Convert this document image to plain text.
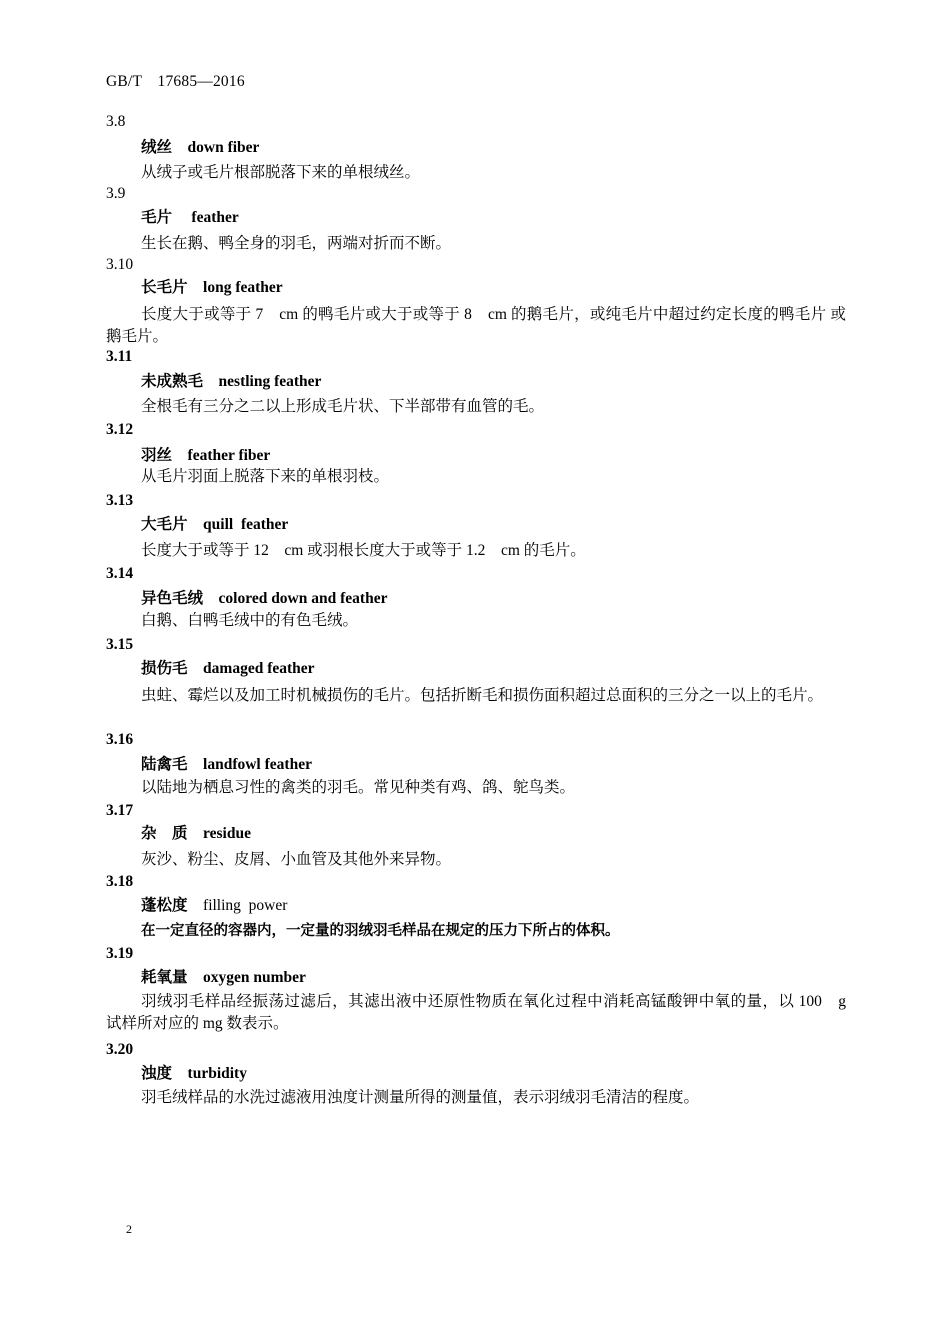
GB/T　17685—2016
3.8
绒丝　 down fiber
从绒子或毛片根部脱落下来的单根绒丝。
3.9
毛片　 feather
生长在鹅、鸭全身的羽毛，两端对折而不断。
3.10
长毛片　 long feather
长度大于或等于 7　cm 的鸭毛片或大于或等于 8　cm 的鹅毛片，或纯毛片中超过约定长度的鸭毛片 或鹅毛片。
3.11
未成熟毛　 nestling feather
全根毛有三分之二以上形成毛片状、下半部带有血管的毛。
3.12
羽丝　 feather fiber
从毛片羽面上脱落下来的单根羽枝。
3.13
大毛片　 quill  feather
长度大于或等于 12　cm 或羽根长度大于或等于 1.2　cm 的毛片。
3.14
异色毛绒　 colored down and feather
白鹅、白鸭毛绒中的有色毛绒。
3.15
损伤毛　 damaged feather
虫蛀、霉烂以及加工时机械损伤的毛片。包括折断毛和损伤面积超过总面积的三分之一以上的毛片。
3.16
陆禽毛　 landfowl feather
以陆地为栖息习性的禽类的羽毛。常见种类有鸡、鸽、鸵鸟类。
3.17
杂　质　 residue
灰沙、粉尘、皮屑、小血管及其他外来异物。
3.18
蓬松度　 filling  power
在一定直径的容器内，一定量的羽绒羽毛样品在规定的压力下所占的体积。
3.19
耗氧量　 oxygen number
羽绒羽毛样品经振荡过滤后，其滤出液中还原性物质在氧化过程中消耗高锰酸钾中氧的量，以 100　g 试样所对应的 mg 数表示。
3.20
浊度　 turbidity
羽毛绒样品的水洗过滤液用浊度计测量所得的测量值，表示羽绒羽毛清洁的程度。
2
